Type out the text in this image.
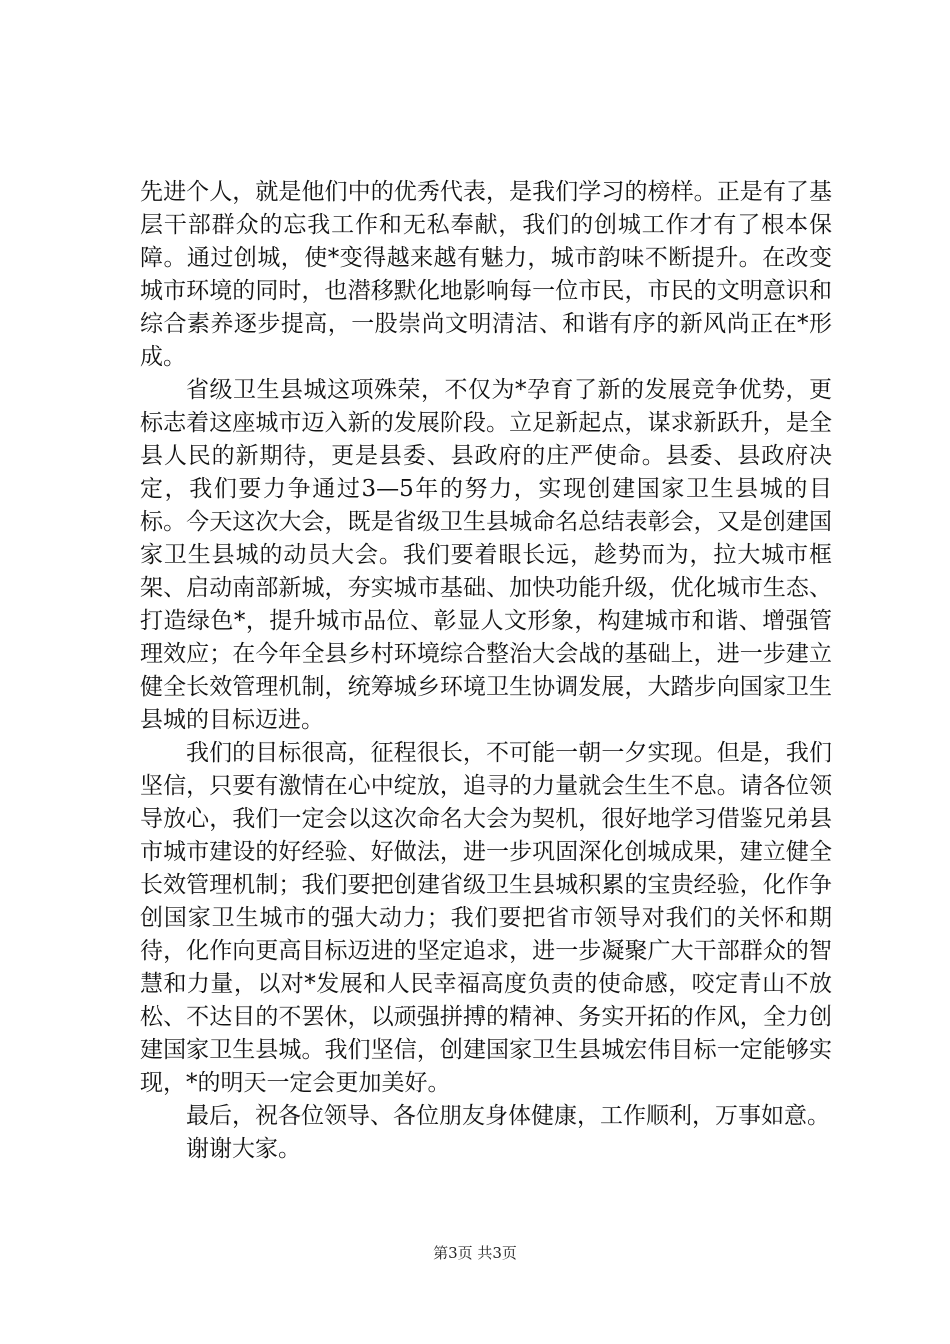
先进个人，就是他们中的优秀代表，是我们学习的榜样。正是有了基层干部群众的忘我工作和无私奉献，我们的创城工作才有了根本保障。通过创城，使*变得越来越有魅力，城市韵味不断提升。在改变城市环境的同时，也潜移默化地影响每一位市民，市民的文明意识和综合素养逐步提高，一股崇尚文明清洁、和谐有序的新风尚正在*形成。

省级卫生县城这项殊荣，不仅为*孕育了新的发展竞争优势，更标志着这座城市迈入新的发展阶段。立足新起点，谋求新跃升，是全县人民的新期待，更是县委、县政府的庄严使命。县委、县政府决定，我们要力争通过3—5年的努力，实现创建国家卫生县城的目标。今天这次大会，既是省级卫生县城命名总结表彰会，又是创建国家卫生县城的动员大会。我们要着眼长远，趁势而为，拉大城市框架、启动南部新城，夯实城市基础、加快功能升级，优化城市生态、打造绿色*，提升城市品位、彰显人文形象，构建城市和谐、增强管理效应；在今年全县乡村环境综合整治大会战的基础上，进一步建立健全长效管理机制，统筹城乡环境卫生协调发展，大踏步向国家卫生县城的目标迈进。

我们的目标很高，征程很长，不可能一朝一夕实现。但是，我们坚信，只要有激情在心中绽放，追寻的力量就会生生不息。请各位领导放心，我们一定会以这次命名大会为契机，很好地学习借鉴兄弟县市城市建设的好经验、好做法，进一步巩固深化创城成果，建立健全长效管理机制；我们要把创建省级卫生县城积累的宝贵经验，化作争创国家卫生城市的强大动力；我们要把省市领导对我们的关怀和期待，化作向更高目标迈进的坚定追求，进一步凝聚广大干部群众的智慧和力量，以对*发展和人民幸福高度负责的使命感，咬定青山不放松、不达目的不罢休，以顽强拼搏的精神、务实开拓的作风，全力创建国家卫生县城。我们坚信，创建国家卫生县城宏伟目标一定能够实现，*的明天一定会更加美好。

最后，祝各位领导、各位朋友身体健康，工作顺利，万事如意。

谢谢大家。

第3页 共3页
